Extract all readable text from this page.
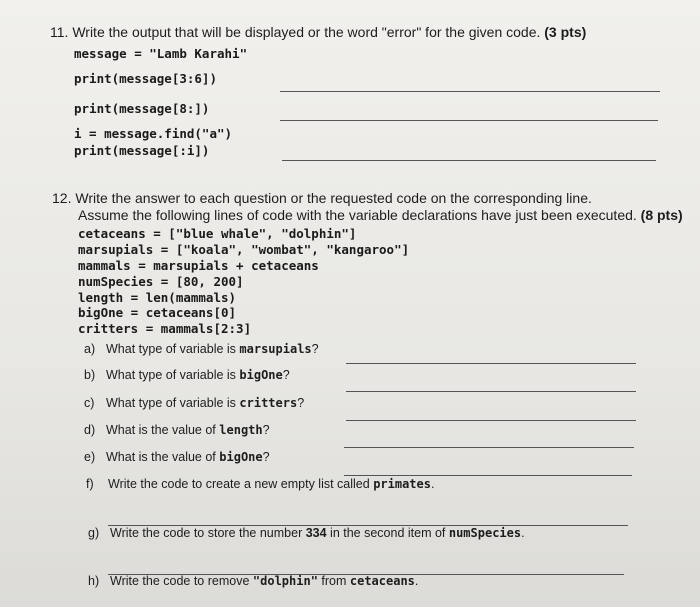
11. Write the output that will be displayed or the word "error" for the given code. (3 pts)
message = "Lamb Karahi"
print(message[3:6])
print(message[8:])
i = message.find("a")
print(message[:i])
12. Write the answer to each question or the requested code on the corresponding line.
Assume the following lines of code with the variable declarations have just been executed. (8 pts)
cetaceans = ["blue whale", "dolphin"]
marsupials = ["koala", "wombat", "kangaroo"]
mammals = marsupials + cetaceans
numSpecies = [80, 200]
length = len(mammals)
bigOne = cetaceans[0]
critters = mammals[2:3]
a) What type of variable is marsupials?
b) What type of variable is bigOne?
c) What type of variable is critters?
d) What is the value of length?
e) What is the value of bigOne?
f) Write the code to create a new empty list called primates.
g) Write the code to store the number 334 in the second item of numSpecies.
h) Write the code to remove "dolphin" from cetaceans.
